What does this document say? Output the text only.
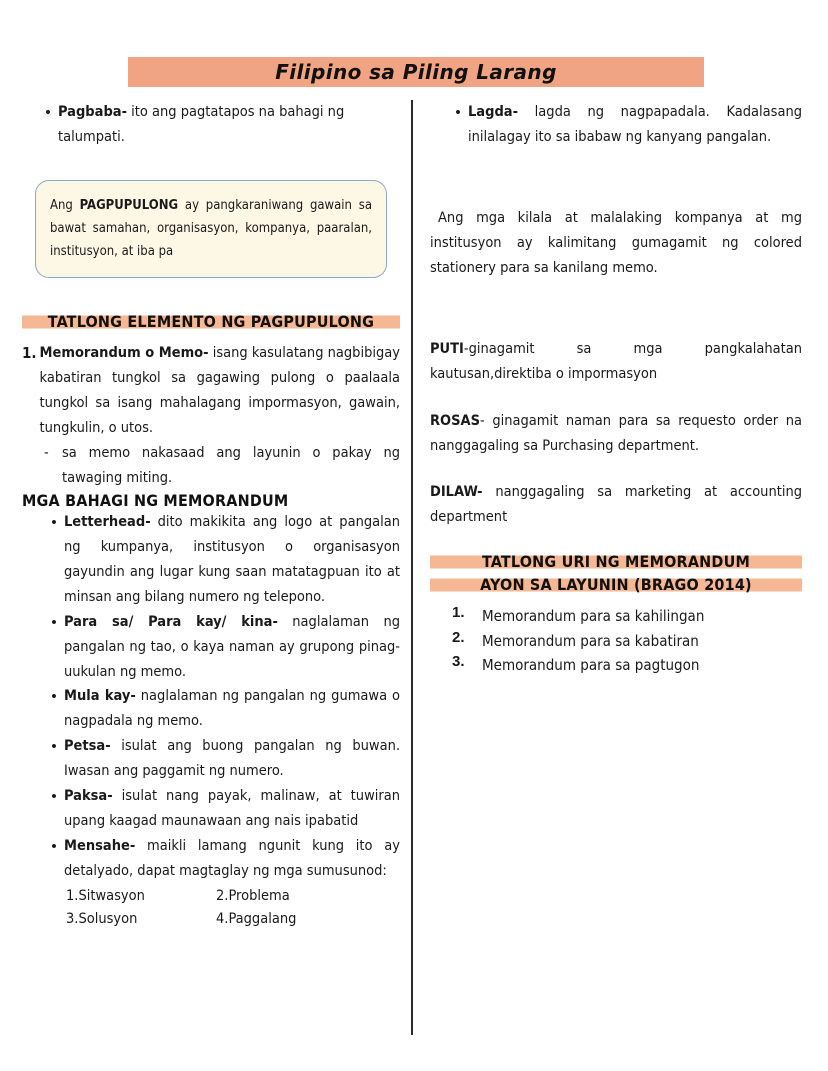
Filipino sa Piling Larang
• Pagbaba- ito ang pagtatapos na bahagi ng talumpati.

Ang PAGPUPULONG ay pangkaraniwang gawain sa bawat samahan, organisasyon, kompanya, paaralan, institusyon, at iba pa

TATLONG ELEMENTO NG PAGPUPULONG
1. Memorandum o Memo- isang kasulatang nagbibigay kabatiran tungkol sa gagawing pulong o paalaala tungkol sa isang mahalagang impormasyon, gawain, tungkulin, o utos.
- sa memo nakasaad ang layunin o pakay ng tawaging miting.
MGA BAHAGI NG MEMORANDUM
• Letterhead- dito makikita ang logo at pangalan ng kumpanya, institusyon o organisasyon gayundin ang lugar kung saan matatagpuan ito at minsan ang bilang numero ng telepono.
• Para sa/ Para kay/ kina- naglalaman ng pangalan ng tao, o kaya naman ay grupong pinag-uukulan ng memo.
• Mula kay- naglalaman ng pangalan ng gumawa o nagpadala ng memo.
• Petsa- isulat ang buong pangalan ng buwan. Iwasan ang paggamit ng numero.
• Paksa- isulat nang payak, malinaw, at tuwiran upang kaagad maunawaan ang nais ipabatid
• Mensahe- maikli lamang ngunit kung ito ay detalyado, dapat magtaglay ng mga sumusunod:
1.Sitwasyon	2.Problema
3.Solusyon	4.Paggalang
• Lagda- lagda ng nagpapadala. Kadalasang inilalagay ito sa ibabaw ng kanyang pangalan.
Ang mga kilala at malalaking kompanya at mg institusyon ay kalimitang gumagamit ng colored stationery para sa kanilang memo.
PUTI-ginagamit sa mga pangkalahatan kautusan,direktiba o impormasyon
ROSAS- ginagamit naman para sa requesto order na nanggagaling sa Purchasing department.
DILAW- nanggagaling sa marketing at accounting department
TATLONG URI NG MEMORANDUM
AYON SA LAYUNIN (BRAGO 2014)
1.	Memorandum para sa kahilingan
2.	Memorandum para sa kabatiran
3.	Memorandum para sa pagtugon
